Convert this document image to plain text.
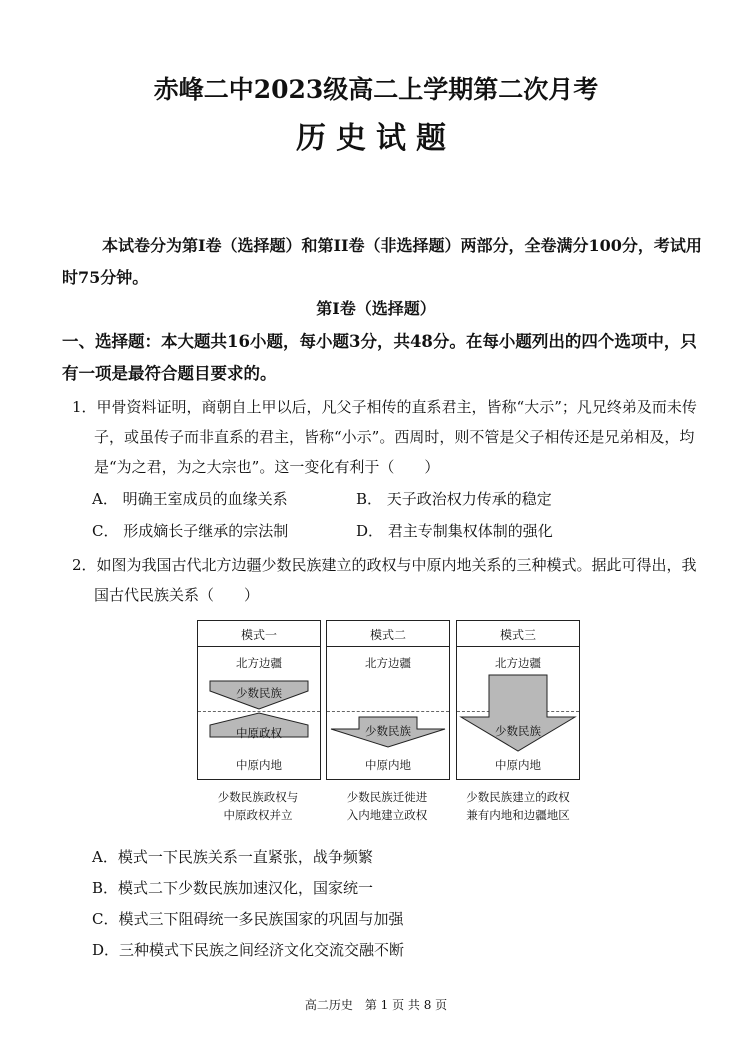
赤峰二中2023级高二上学期第二次月考
历史试题
本试卷分为第Ⅰ卷（选择题）和第II卷（非选择题）两部分，全卷满分100分，考试用时75分钟。
第Ⅰ卷（选择题）
一、选择题：本大题共16小题，每小题3分，共48分。在每小题列出的四个选项中，只有一项是最符合题目要求的。
1．甲骨资料证明，商朝自上甲以后，凡父子相传的直系君主，皆称“大示”；凡兄终弟及而未传子，或虽传子而非直系的君主，皆称“小示”。西周时，则不管是父子相传还是兄弟相及，均是“为之君，为之大宗也”。这一变化有利于（　　）
A． 明确王室成员的血缘关系	B． 天子政治权力传承的稳定
C． 形成嫡长子继承的宗法制	D． 君主专制集权体制的强化
2．如图为我国古代北方边疆少数民族建立的政权与中原内地关系的三种模式。据此可得出，我国古代民族关系（　　）
模式一	模式二	模式三
北方边疆
少数民族
中原政权
中原内地
北方边疆
少数民族
中原内地
北方边疆
少数民族
中原内地
少数民族政权与
中原政权并立
少数民族迁徙进
入内地建立政权
少数民族建立的政权
兼有内地和边疆地区
A．模式一下民族关系一直紧张，战争频繁
B．模式二下少数民族加速汉化，国家统一
C．模式三下阻碍统一多民族国家的巩固与加强
D．三种模式下民族之间经济文化交流交融不断
高二历史　第 1 页 共 8 页
